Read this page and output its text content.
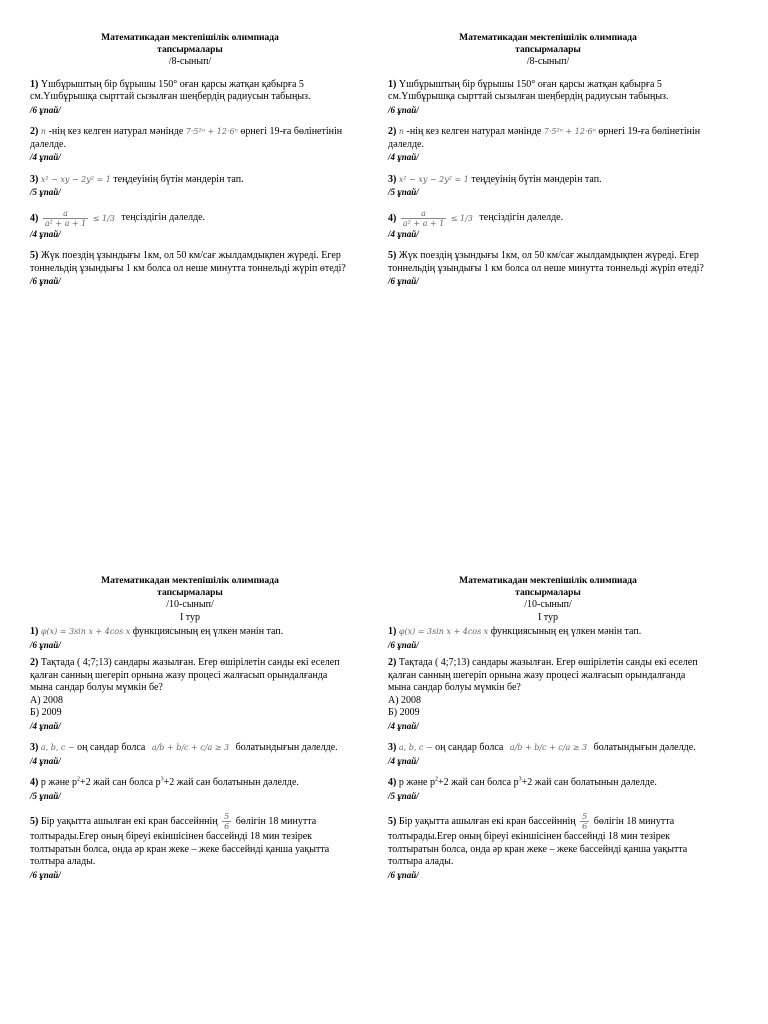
Математикадан мектепішілік олимпиада
тапсырмалары
/8-сынып/
1) Үшбұрыштың бір бұрышы 150° оған қарсы жатқан қабырға 5 см.Үшбұрышқа сырттай сызылған шеңбердің радиусын табыңыз.
/6 ұпай/
2) n -нің кез келген натурал мәнінде 7·5²ⁿ + 12·6ⁿ өрнегі 19-ға бөлінетінін дәлелде.
/4 ұпай/
3) x² − xy − 2y² = 1 теңдеуінің бүтін мәндерін тап.
/5 ұпай/
$4) \frac{a}{\text{a² + a + 1}} \le 1/3$ теңсіздігін дәлелде.
/4 ұпай/
5) Жүк поездің ұзындығы 1км, ол 50 км/сағ жылдамдықпен жүреді. Егер тоннельдің ұзындығы 1 км болса ол неше минутта тоннельді жүріп өтеді?
/6 ұпай/
Математикадан мектепішілік олимпиада
тапсырмалары
/8-сынып/
1) Үшбұрыштың бір бұрышы 150° оған қарсы жатқан қабырға 5 см.Үшбұрышқа сырттай сызылған шеңбердің радиусын табыңыз.
/6 ұпай/
2) n -нің кез келген натурал мәнінде 7·5²ⁿ + 12·6ⁿ өрнегі 19-ға бөлінетінін дәлелде.
/4 ұпай/
3) x² − xy − 2y² = 1 теңдеуінің бүтін мәндерін тап.
/5 ұпай/
$4) \frac{a}{\text{a² + a + 1}} \le 1/3$ теңсіздігін дәлелде.
/4 ұпай/
5) Жүк поездің ұзындығы 1км, ол 50 км/сағ жылдамдықпен жүреді. Егер тоннельдің ұзындығы 1 км болса ол неше минутта тоннельді жүріп өтеді?
/6 ұпай/
Математикадан мектепішілік олимпиада
тапсырмалары
/10-сынып/
І тур
1) φ(x) = 3sin x + 4cos x функциясының ең үлкен мәнін тап.
/6 ұпай/
2) Тақтада ( 4;7;13) сандары жазылған. Егер өшірілетін санды екі еселеп қалған санның шегеріп орнына жазу процесі жалғасып орындалғанда мына сандар болуы мүмкін бе?
А) 2008
Б) 2009
/4 ұпай/
3) a, b, c − оң сандар болса a/b + b/c + c/a ≥ 3 болатындығын дәлелде.
/4 ұпай/
4) p және $p^2+2$ жай сан болса $p^3+2$ жай сан болатынын дәлелде.
/5 ұпай/
5) Бір уақытта ашылған екі кран бассейннің $\frac{5}{6}$ бөлігін 18 минутта толтырады.Егер оның біреуі екіншісінен бассейнді 18 мин тезірек толтыратын болса, онда әр кран жеке – жеке бассейнді қанша уақытта толтыра алады.
/6 ұпай/
Математикадан мектепішілік олимпиада
тапсырмалары
/10-сынып/
І тур
1) φ(x) = 3sin x + 4cos x функциясының ең үлкен мәнін тап.
/6 ұпай/
2) Тақтада ( 4;7;13) сандары жазылған. Егер өшірілетін санды екі еселеп қалған санның шегеріп орнына жазу процесі жалғасып орындалғанда мына сандар болуы мүмкін бе?
А) 2008
Б) 2009
/4 ұпай/
3) a, b, c − оң сандар болса a/b + b/c + c/a ≥ 3 болатындығын дәлелде.
/4 ұпай/
4) p және $p^2+2$ жай сан болса $p^3+2$ жай сан болатынын дәлелде.
/5 ұпай/
5) Бір уақытта ашылған екі кран бассейннің $\frac{5}{6}$ бөлігін 18 минутта толтырады.Егер оның біреуі екіншісінен бассейнді 18 мин тезірек толтыратын болса, онда әр кран жеке – жеке бассейнді қанша уақытта толтыра алады.
/6 ұпай/
